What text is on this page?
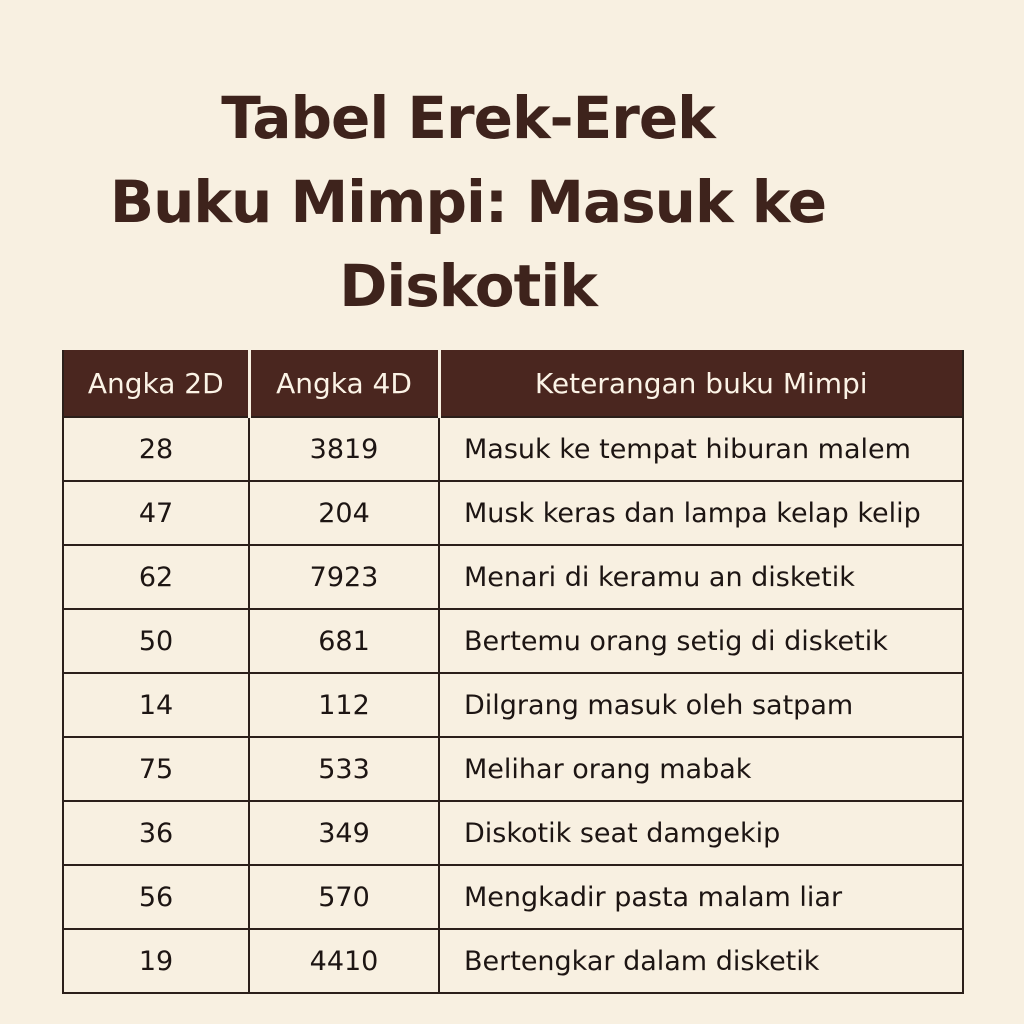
Tabel Erek-Erek
Buku Mimpi: Masuk ke
Diskotik
Angka 2D	Angka 4D	Keterangan buku Mimpi
28	3819	Masuk ke tempat hiburan malem
47	204	Musk keras dan lampa kelap kelip
62	7923	Menari di keramu an disketik
50	681	Bertemu orang setig di disketik
14	112	Dilgrang masuk oleh satpam
75	533	Melihar orang mabak
36	349	Diskotik seat damgekip
56	570	Mengkadir pasta malam liar
19	4410	Bertengkar dalam disketik
